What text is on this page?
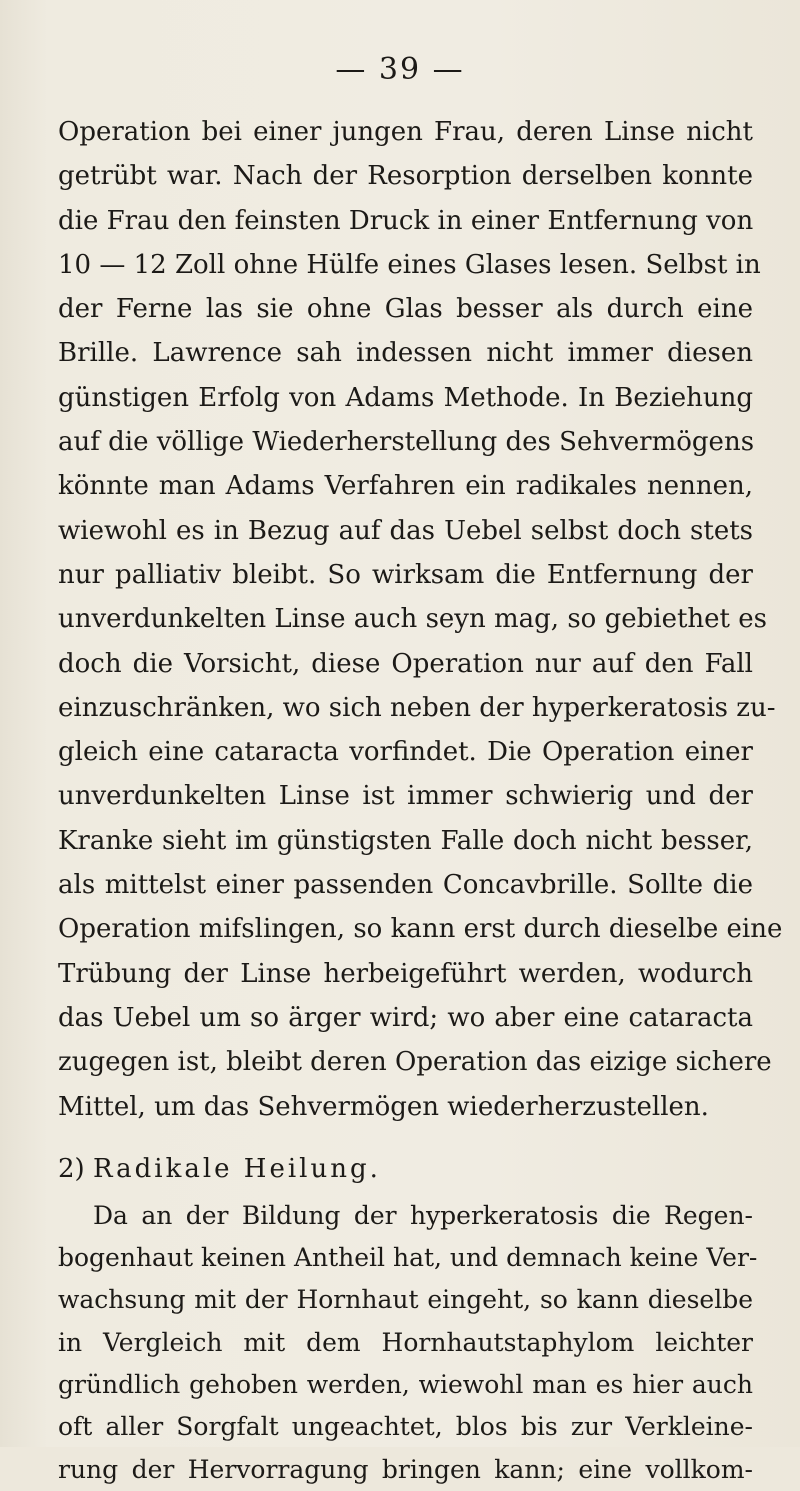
— 39 —
Operation bei einer jungen Frau, deren Linse nicht
getrübt war. Nach der Resorption derselben konnte
die Frau den feinsten Druck in einer Entfernung von
10 — 12 Zoll ohne Hülfe eines Glases lesen. Selbst in
der Ferne las sie ohne Glas besser als durch eine
Brille. Lawrence sah indessen nicht immer diesen
günstigen Erfolg von Adams Methode. In Beziehung
auf die völlige Wiederherstellung des Sehvermögens
könnte man Adams Verfahren ein radikales nennen,
wiewohl es in Bezug auf das Uebel selbst doch stets
nur palliativ bleibt. So wirksam die Entfernung der
unverdunkelten Linse auch seyn mag, so gebiethet es
doch die Vorsicht, diese Operation nur auf den Fall
einzuschränken, wo sich neben der hyperkeratosis zu-
gleich eine cataracta vorfindet. Die Operation einer
unverdunkelten Linse ist immer schwierig und der
Kranke sieht im günstigsten Falle doch nicht besser,
als mittelst einer passenden Concavbrille. Sollte die
Operation mifslingen, so kann erst durch dieselbe eine
Trübung der Linse herbeigeführt werden, wodurch
das Uebel um so ärger wird; wo aber eine cataracta
zugegen ist, bleibt deren Operation das eizige sichere
Mittel, um das Sehvermögen wiederherzustellen.
2) Radikale Heilung.
Da an der Bildung der hyperkeratosis die Regen-
bogenhaut keinen Antheil hat, und demnach keine Ver-
wachsung mit der Hornhaut eingeht, so kann dieselbe
in Vergleich mit dem Hornhautstaphylom leichter
gründlich gehoben werden, wiewohl man es hier auch
oft aller Sorgfalt ungeachtet, blos bis zur Verkleine-
rung der Hervorragung bringen kann; eine vollkom-
